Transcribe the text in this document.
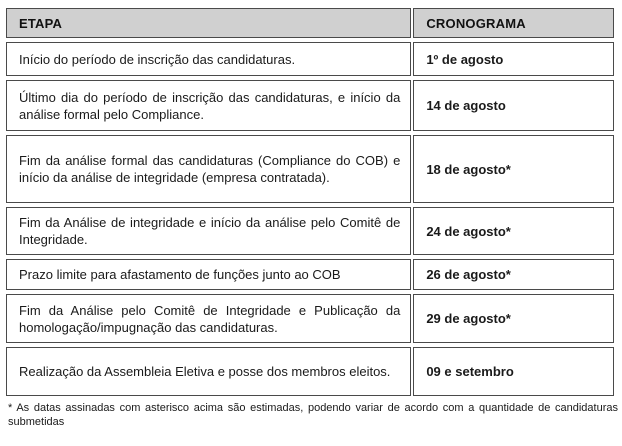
ETAPA	CRONOGRAMA
Início do período de inscrição das candidaturas.	1º de agosto
Último dia do período de inscrição das candidaturas, e início da análise formal pelo Compliance.	14 de agosto
Fim da análise formal das candidaturas (Compliance do COB) e início da análise de integridade (empresa contratada).	18 de agosto*
Fim da Análise de integridade e início da análise pelo Comitê de Integridade.	24 de agosto*
Prazo limite para afastamento de funções junto ao COB	26 de agosto*
Fim da Análise pelo Comitê de Integridade e Publicação da homologação/impugnação das candidaturas.	29 de agosto*
Realização da Assembleia Eletiva e posse dos membros eleitos.	09 e setembro
* As datas assinadas com asterisco acima são estimadas, podendo variar de acordo com a quantidade de candidaturas submetidas
